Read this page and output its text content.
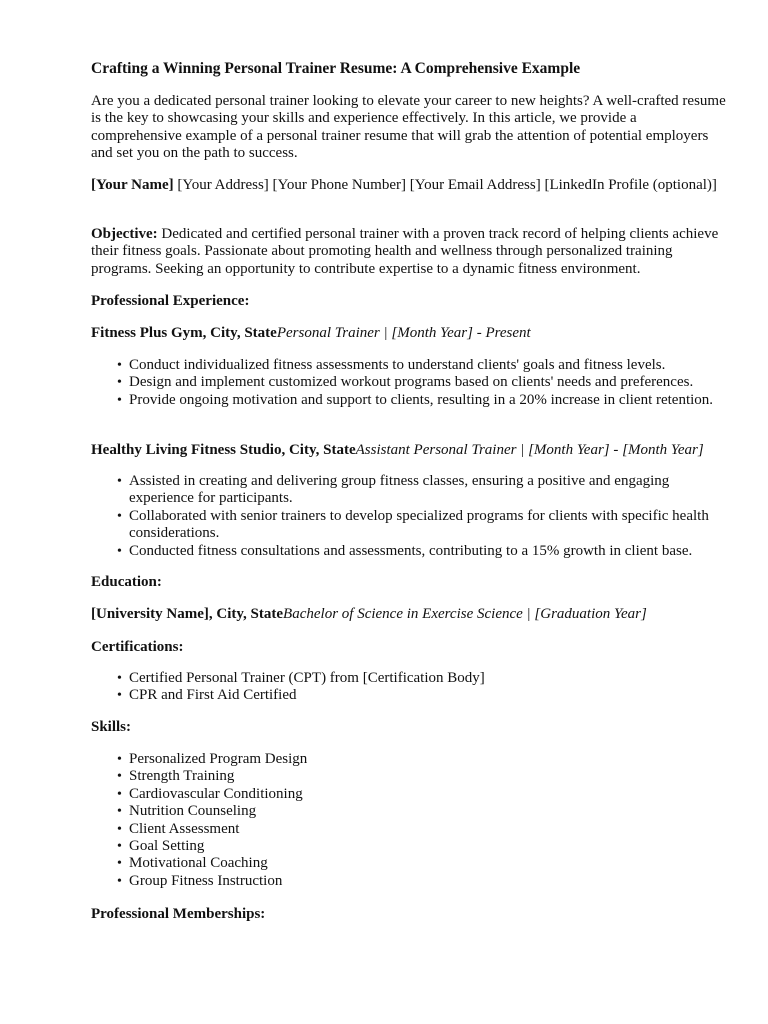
Crafting a Winning Personal Trainer Resume: A Comprehensive Example
Are you a dedicated personal trainer looking to elevate your career to new heights? A well-crafted resume is the key to showcasing your skills and experience effectively. In this article, we provide a comprehensive example of a personal trainer resume that will grab the attention of potential employers and set you on the path to success.
[Your Name] [Your Address] [Your Phone Number] [Your Email Address] [LinkedIn Profile (optional)]
Objective: Dedicated and certified personal trainer with a proven track record of helping clients achieve their fitness goals. Passionate about promoting health and wellness through personalized training programs. Seeking an opportunity to contribute expertise to a dynamic fitness environment.
Professional Experience:
Fitness Plus Gym, City, StatePersonal Trainer | [Month Year] - Present
• Conduct individualized fitness assessments to understand clients' goals and fitness levels.
• Design and implement customized workout programs based on clients' needs and preferences.
• Provide ongoing motivation and support to clients, resulting in a 20% increase in client retention.
Healthy Living Fitness Studio, City, StateAssistant Personal Trainer | [Month Year] - [Month Year]
• Assisted in creating and delivering group fitness classes, ensuring a positive and engaging experience for participants.
• Collaborated with senior trainers to develop specialized programs for clients with specific health considerations.
• Conducted fitness consultations and assessments, contributing to a 15% growth in client base.
Education:
[University Name], City, StateBachelor of Science in Exercise Science | [Graduation Year]
Certifications:
• Certified Personal Trainer (CPT) from [Certification Body]
• CPR and First Aid Certified
Skills:
• Personalized Program Design
• Strength Training
• Cardiovascular Conditioning
• Nutrition Counseling
• Client Assessment
• Goal Setting
• Motivational Coaching
• Group Fitness Instruction
Professional Memberships:
